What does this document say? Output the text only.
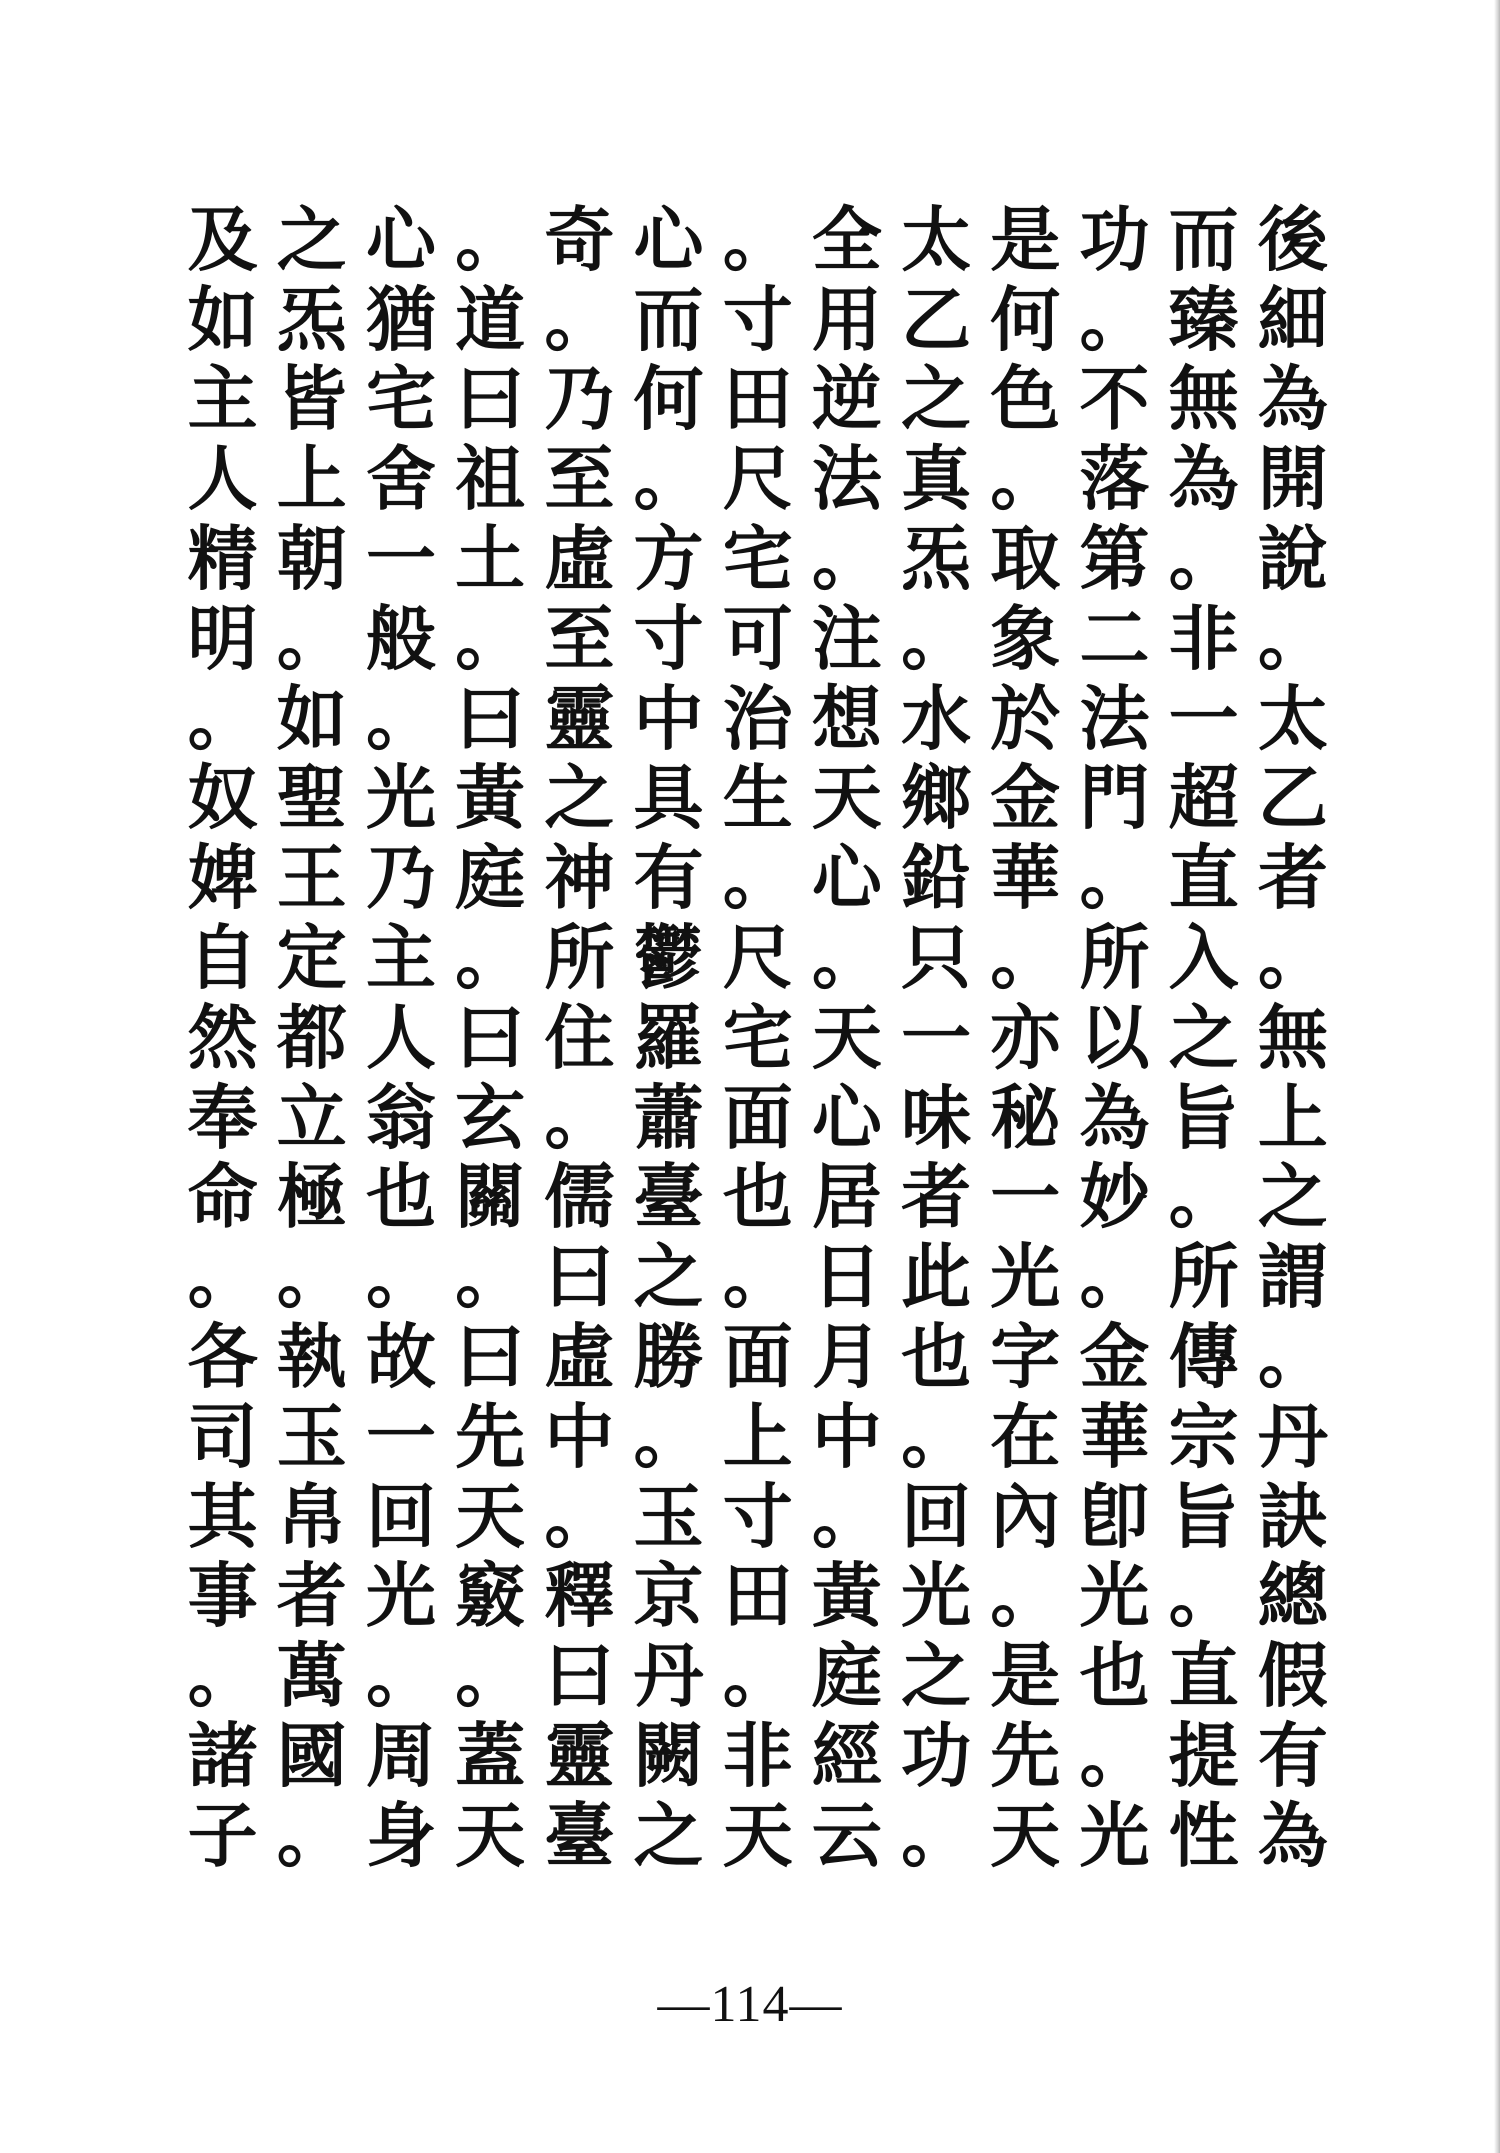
及 之 心 。 奇 心 。 全 太 是 功 而 後
如 炁 猶 道 。 而 寸 用 乙 何 。 臻 細
主 皆 宅 曰 乃 何 田 逆 之 色 不 無 為
人 上 舍 祖 至 。 尺 法 真 。 落 為 開
精 朝 一 土 虛 方 宅 。 炁 取 第 。 說
明 。 般 。 至 寸 可 注 。 象 二 非 。
。 如 。 曰 靈 中 治 想 水 於 法 一 太
奴 聖 光 黃 之 具 生 天 鄉 金 門 超 乙
婢 王 乃 庭 神 有 。 心 鉛 華 。 直 者
自 定 主 。 所 鬱 尺 。 只 。 所 入 。
然 都 人 曰 住 羅 宅 天 一 亦 以 之 無
奉 立 翁 玄 。 蕭 面 心 味 秘 為 旨 上
命 極 也 關 儒 臺 也 居 者 一 妙 。 之
。 。 。 。 曰 之 。 日 此 光 。 所 謂
各 執 故 曰 虛 勝 面 月 也 字 金 傳 。
司 玉 一 先 中 。 上 中 。 在 華 宗 丹
其 帛 回 天 。 玉 寸 。 回 內 卽 旨 訣
事 者 光 竅 釋 京 田 黃 光 。 光 。 總
。 萬 。 。 曰 丹 。 庭 之 是 也 直 假
諸 國 周 蓋 靈 闕 非 經 功 先 。 提 有
子 。 身 天 臺 之 天 云 。 天 光 性 為
—114—
